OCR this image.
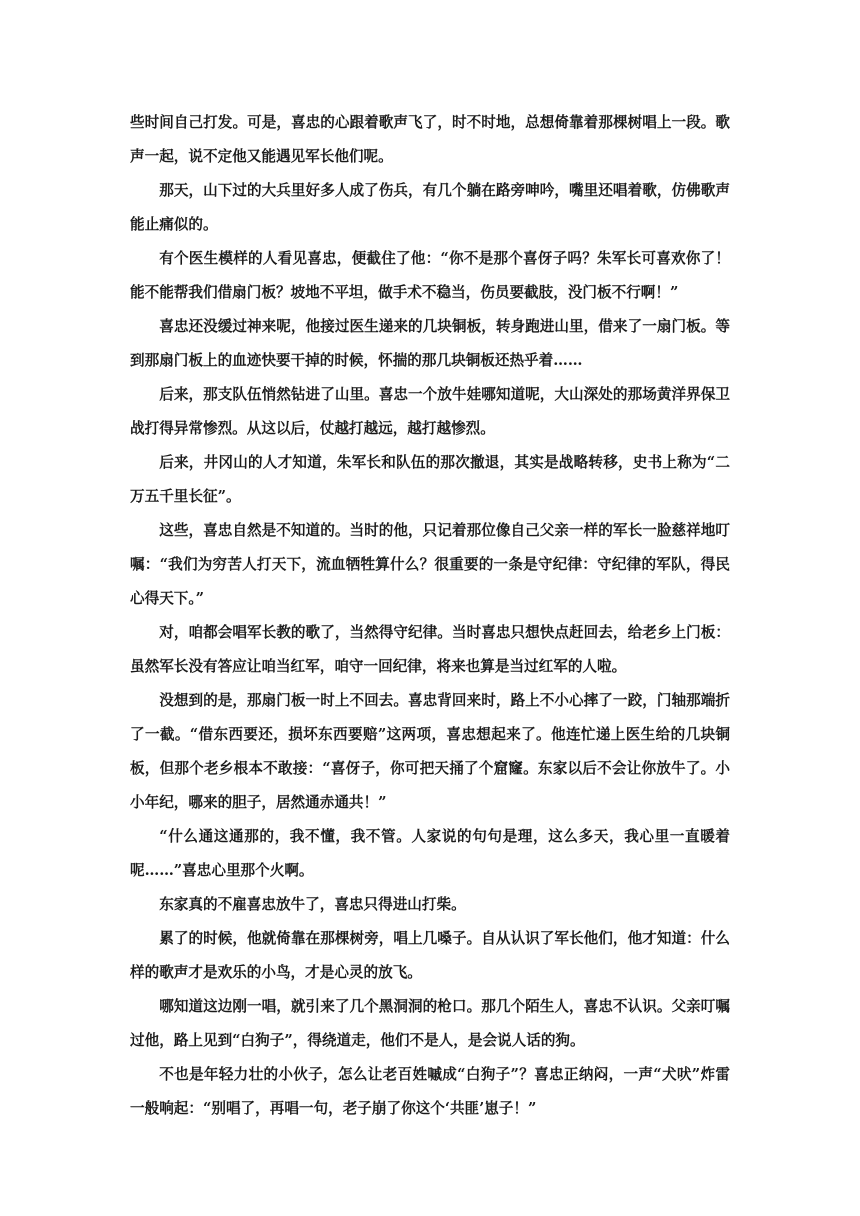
些时间自己打发。可是，喜忠的心跟着歌声飞了，时不时地，总想倚靠着那棵树唱上一段。歌声一起，说不定他又能遇见军长他们呢。

那天，山下过的大兵里好多人成了伤兵，有几个躺在路旁呻吟，嘴里还唱着歌，仿佛歌声能止痛似的。

有个医生模样的人看见喜忠，便截住了他：“你不是那个喜伢子吗？朱军长可喜欢你了！能不能帮我们借扇门板？坡地不平坦，做手术不稳当，伤员要截肢，没门板不行啊！”

喜忠还没缓过神来呢，他接过医生递来的几块铜板，转身跑进山里，借来了一扇门板。等到那扇门板上的血迹快要干掉的时候，怀揣的那几块铜板还热乎着……

后来，那支队伍悄然钻进了山里。喜忠一个放牛娃哪知道呢，大山深处的那场黄洋界保卫战打得异常惨烈。从这以后，仗越打越远，越打越惨烈。

后来，井冈山的人才知道，朱军长和队伍的那次撤退，其实是战略转移，史书上称为“二万五千里长征”。

这些，喜忠自然是不知道的。当时的他，只记着那位像自己父亲一样的军长一脸慈祥地叮嘱：“我们为穷苦人打天下，流血牺牲算什么？很重要的一条是守纪律：守纪律的军队，得民心得天下。”

对，咱都会唱军长教的歌了，当然得守纪律。当时喜忠只想快点赶回去，给老乡上门板：虽然军长没有答应让咱当红军，咱守一回纪律，将来也算是当过红军的人啦。

没想到的是，那扇门板一时上不回去。喜忠背回来时，路上不小心摔了一跤，门轴那端折了一截。“借东西要还，损坏东西要赔”这两项，喜忠想起来了。他连忙递上医生给的几块铜板，但那个老乡根本不敢接：“喜伢子，你可把天捅了个窟窿。东家以后不会让你放牛了。小小年纪，哪来的胆子，居然通赤通共！”

“什么通这通那的，我不懂，我不管。人家说的句句是理，这么多天，我心里一直暖着呢……”喜忠心里那个火啊。

东家真的不雇喜忠放牛了，喜忠只得进山打柴。

累了的时候，他就倚靠在那棵树旁，唱上几嗓子。自从认识了军长他们，他才知道：什么样的歌声才是欢乐的小鸟，才是心灵的放飞。

哪知道这边刚一唱，就引来了几个黑洞洞的枪口。那几个陌生人，喜忠不认识。父亲叮嘱过他，路上见到“白狗子”，得绕道走，他们不是人，是会说人话的狗。

不也是年轻力壮的小伙子，怎么让老百姓嘁成“白狗子”？喜忠正纳闷，一声“犬吠”炸雷一般响起：“别唱了，再唱一句，老子崩了你这个‘共匪’崽子！”
